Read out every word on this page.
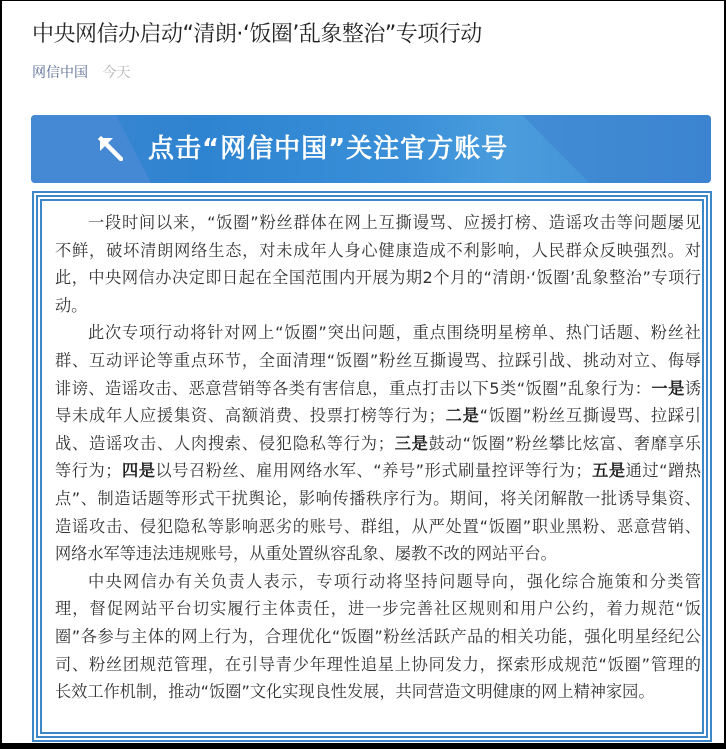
中央网信办启动“清朗·‘饭圈’乱象整治”专项行动
网信中国 今天
点击“网信中国”关注官方账号
一段时间以来，“饭圈”粉丝群体在网上互撕谩骂、应援打榜、造谣攻击等问题屡见
不鲜，破坏清朗网络生态，对未成年人身心健康造成不利影响，人民群众反映强烈。对
此，中央网信办决定即日起在全国范围内开展为期2个月的“清朗·‘饭圈’乱象整治”专项行
动。
此次专项行动将针对网上“饭圈”突出问题，重点围绕明星榜单、热门话题、粉丝社
群、互动评论等重点环节，全面清理“饭圈”粉丝互撕谩骂、拉踩引战、挑动对立、侮辱
诽谤、造谣攻击、恶意营销等各类有害信息，重点打击以下5类“饭圈”乱象行为：一是诱
导未成年人应援集资、高额消费、投票打榜等行为；二是“饭圈”粉丝互撕谩骂、拉踩引
战、造谣攻击、人肉搜索、侵犯隐私等行为；三是鼓动“饭圈”粉丝攀比炫富、奢靡享乐
等行为；四是以号召粉丝、雇用网络水军、“养号”形式刷量控评等行为；五是通过“蹭热
点”、制造话题等形式干扰舆论，影响传播秩序行为。期间，将关闭解散一批诱导集资、
造谣攻击、侵犯隐私等影响恶劣的账号、群组，从严处置“饭圈”职业黑粉、恶意营销、
网络水军等违法违规账号，从重处置纵容乱象、屡教不改的网站平台。
中央网信办有关负责人表示，专项行动将坚持问题导向，强化综合施策和分类管
理，督促网站平台切实履行主体责任，进一步完善社区规则和用户公约，着力规范“饭
圈”各参与主体的网上行为，合理优化“饭圈”粉丝活跃产品的相关功能，强化明星经纪公
司、粉丝团规范管理，在引导青少年理性追星上协同发力，探索形成规范“饭圈”管理的
长效工作机制，推动“饭圈”文化实现良性发展，共同营造文明健康的网上精神家园。
